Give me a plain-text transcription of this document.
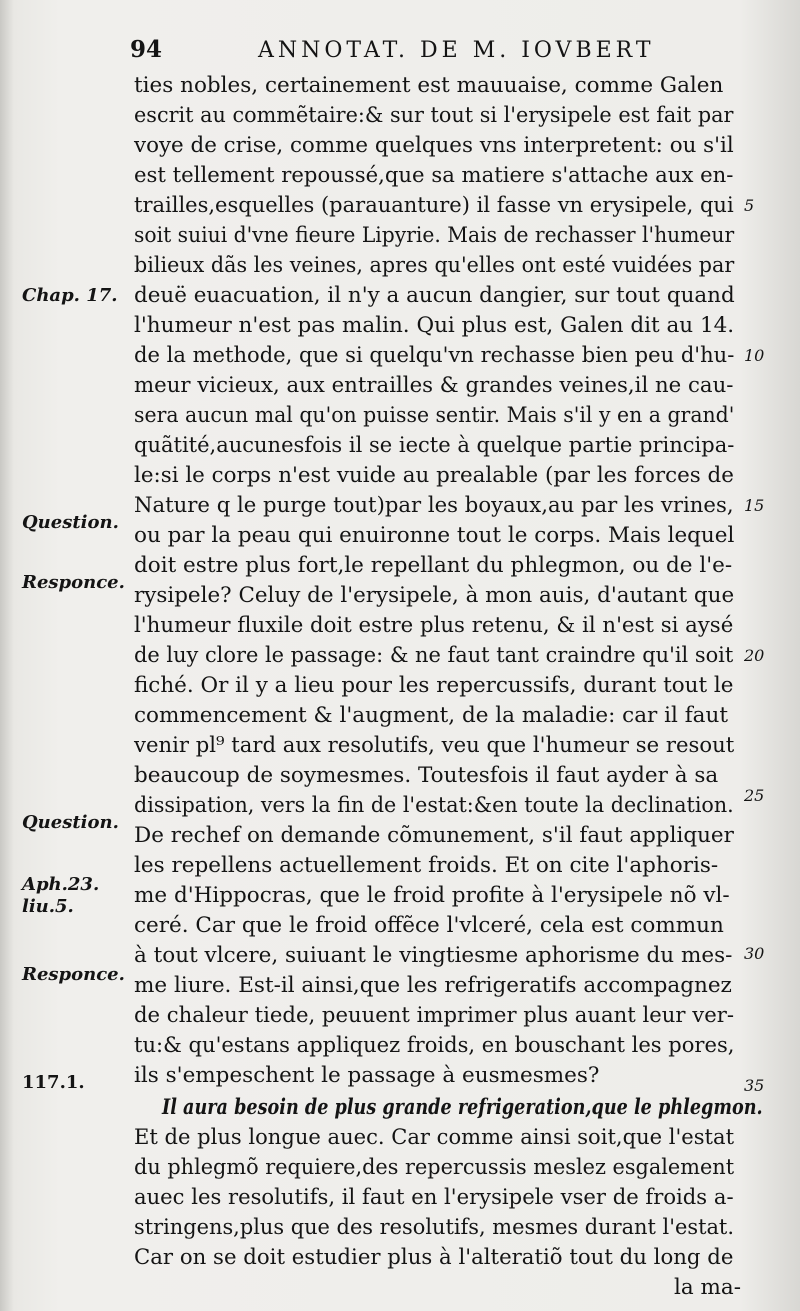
94	ANNOTAT. DE M. IOVBERT
ties nobles, certainement est mauuaise, comme Galen
escrit au commẽtaire:& sur tout si l'erysipele est fait par
voye de crise, comme quelques vns interpretent: ou s'il
est tellement repoussé,que sa matiere s'attache aux en-
trailles,esquelles (parauanture) il fasse vn erysipele, qui
soit suiui d'vne fieure Lipyrie. Mais de rechasser l'humeur
bilieux dãs les veines, apres qu'elles ont esté vuidées par
deuë euacuation, il n'y a aucun dangier, sur tout quand
l'humeur n'est pas malin. Qui plus est, Galen dit au 14.
de la methode, que si quelqu'vn rechasse bien peu d'hu-
meur vicieux, aux entrailles & grandes veines,il ne cau-
sera aucun mal qu'on puisse sentir. Mais s'il y en a grand'
quãtité,aucunesfois il se iecte à quelque partie principa-
le:si le corps n'est vuide au prealable (par les forces de
Nature q le purge tout)par les boyaux,au par les vrines,
ou par la peau qui enuironne tout le corps. Mais lequel
doit estre plus fort,le repellant du phlegmon, ou de l'e-
rysipele? Celuy de l'erysipele, à mon auis, d'autant que
l'humeur fluxile doit estre plus retenu, & il n'est si aysé
de luy clore le passage: & ne faut tant craindre qu'il soit
fiché. Or il y a lieu pour les repercussifs, durant tout le
commencement & l'augment, de la maladie: car il faut
venir pl⁹ tard aux resolutifs, veu que l'humeur se resout
beaucoup de soymesmes. Toutesfois il faut ayder à sa
dissipation, vers la fin de l'estat:&en toute la declination.
De rechef on demande cõmunement, s'il faut appliquer
les repellens actuellement froids. Et on cite l'aphoris-
me d'Hippocras, que le froid profite à l'erysipele nõ vl-
ceré. Car que le froid offẽce l'vlceré, cela est commun
à tout vlcere, suiuant le vingtiesme aphorisme du mes-
me liure. Est-il ainsi,que les refrigeratifs accompagnez
de chaleur tiede, peuuent imprimer plus auant leur ver-
tu:& qu'estans appliquez froids, en bouschant les pores,
ils s'empeschent le passage à eusmesmes?
Il aura besoin de plus grande refrigeration,que le phlegmon.
Et de plus longue auec. Car comme ainsi soit,que l'estat
du phlegmõ requiere,des repercussis meslez esgalement
auec les resolutifs, il faut en l'erysipele vser de froids a-
stringens,plus que des resolutifs, mesmes durant l'estat.
Car on se doit estudier plus à l'alteratiõ tout du long de
la ma-
Chap. 17.
Question.
Responce.
Question.
Aph.23.
liu.5.
Responce.
117.1.
5
10
15
20
25
30
35
